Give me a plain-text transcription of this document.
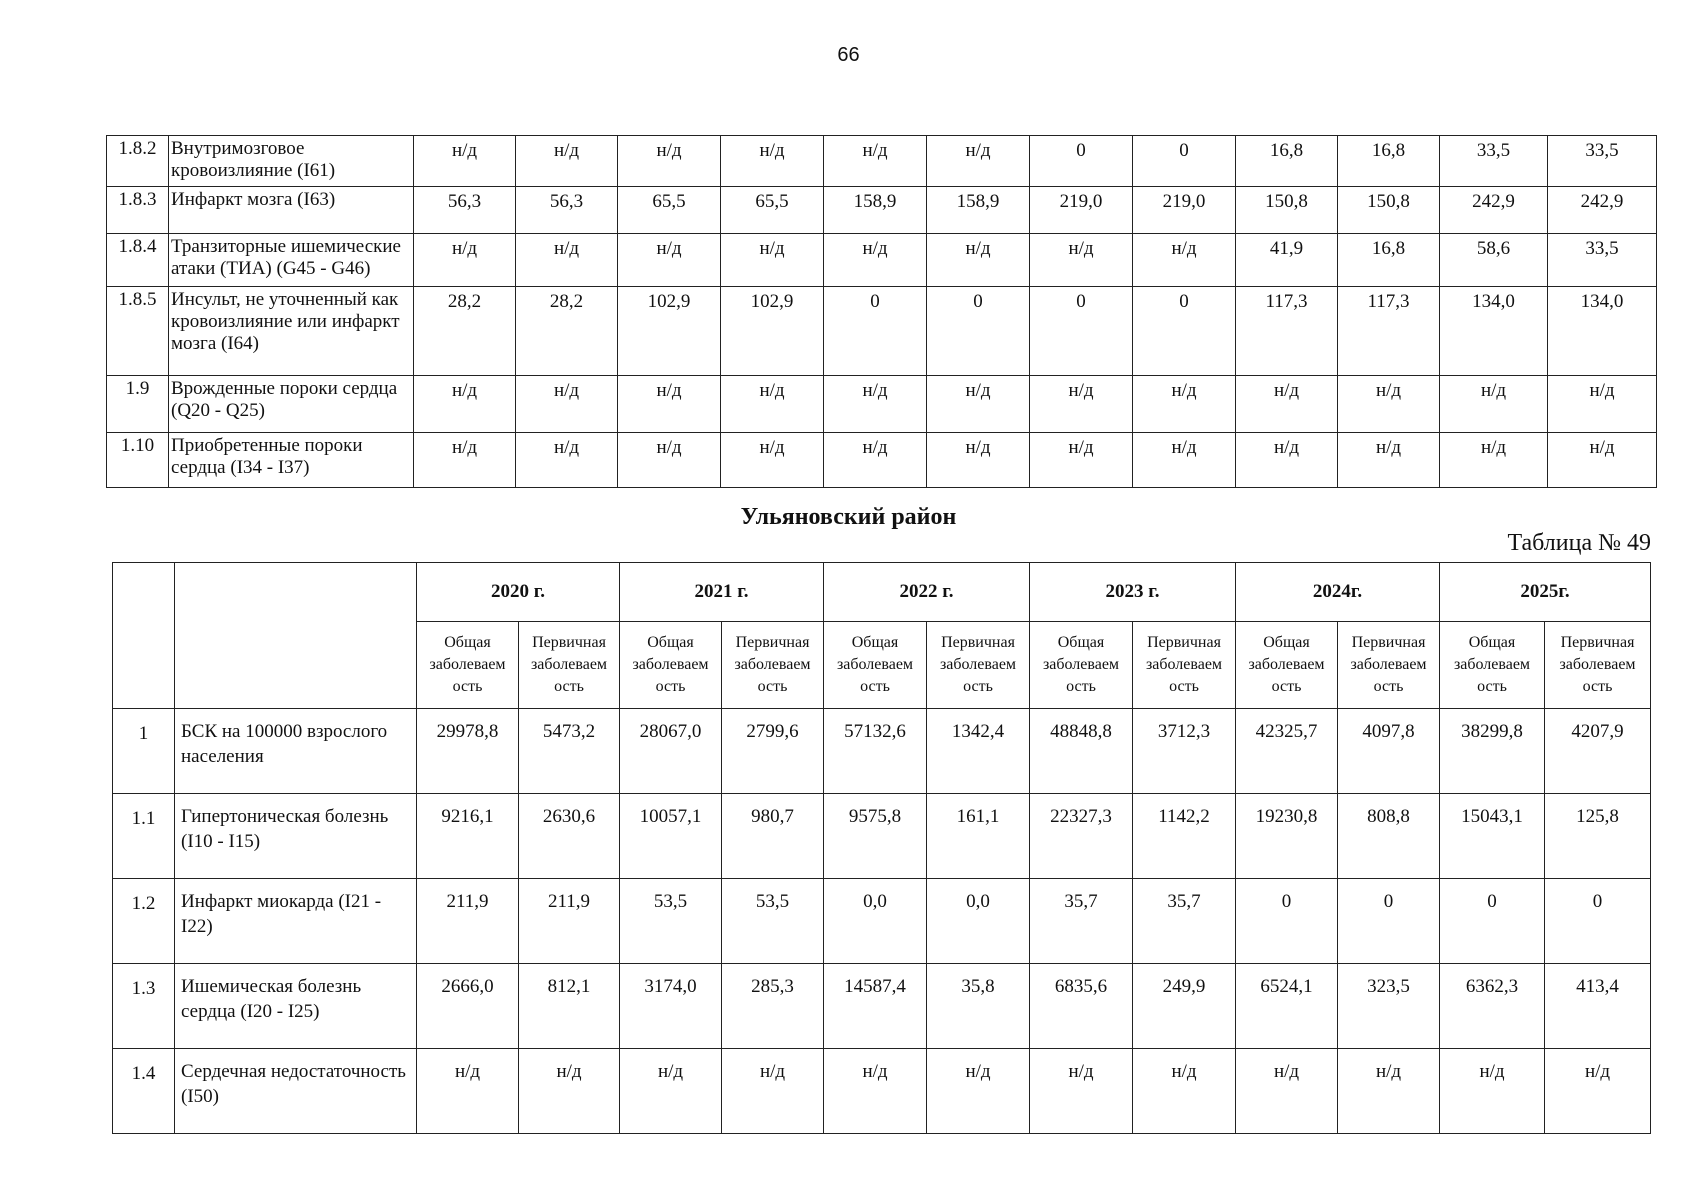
66
1.8.2	Внутримозговое кровоизлияние (I61)	н/д	н/д	н/д	н/д	н/д	н/д	0	0	16,8	16,8	33,5	33,5
1.8.3	Инфаркт мозга (I63)	56,3	56,3	65,5	65,5	158,9	158,9	219,0	219,0	150,8	150,8	242,9	242,9
1.8.4	Транзиторные ишемические атаки (ТИА) (G45 - G46)	н/д	н/д	н/д	н/д	н/д	н/д	н/д	н/д	41,9	16,8	58,6	33,5
1.8.5	Инсульт, не уточненный как кровоизлияние или инфаркт мозга (I64)	28,2	28,2	102,9	102,9	0	0	0	0	117,3	117,3	134,0	134,0
1.9	Врожденные пороки сердца (Q20 - Q25)	н/д	н/д	н/д	н/д	н/д	н/д	н/д	н/д	н/д	н/д	н/д	н/д
1.10	Приобретенные пороки сердца (I34 - I37)	н/д	н/д	н/д	н/д	н/д	н/д	н/д	н/д	н/д	н/д	н/д	н/д
Ульяновский район
Таблица № 49
		2020 г.		2021 г.		2022 г.		2023 г.		2024г.		2025г.	
		Общая заболеваем ость	Первичная заболеваем ость	Общая заболеваем ость	Первичная заболеваем ость	Общая заболеваем ость	Первичная заболеваем ость	Общая заболеваем ость	Первичная заболеваем ость	Общая заболеваем ость	Первичная заболеваем ость	Общая заболеваем ость	Первичная заболеваем ость
1	БСК на 100000 взрослого населения	29978,8	5473,2	28067,0	2799,6	57132,6	1342,4	48848,8	3712,3	42325,7	4097,8	38299,8	4207,9
1.1	Гипертоническая болезнь (I10 - I15)	9216,1	2630,6	10057,1	980,7	9575,8	161,1	22327,3	1142,2	19230,8	808,8	15043,1	125,8
1.2	Инфаркт миокарда (I21 - I22)	211,9	211,9	53,5	53,5	0,0	0,0	35,7	35,7	0	0	0	0
1.3	Ишемическая болезнь сердца (I20 - I25)	2666,0	812,1	3174,0	285,3	14587,4	35,8	6835,6	249,9	6524,1	323,5	6362,3	413,4
1.4	Сердечная недостаточность (I50)	н/д	н/д	н/д	н/д	н/д	н/д	н/д	н/д	н/д	н/д	н/д	н/д
